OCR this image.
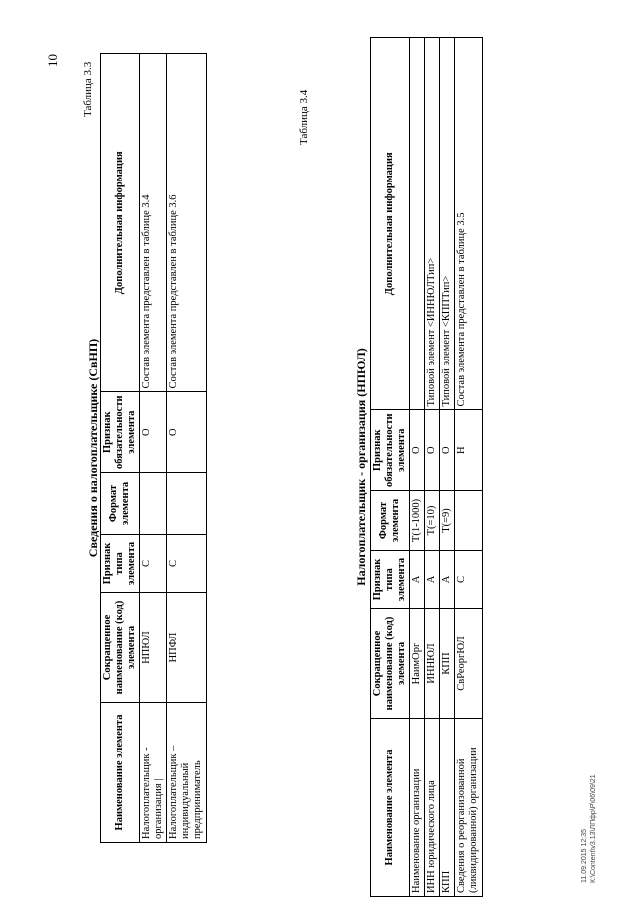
10
Таблица 3.3
Сведения о налогоплательщике (СвНП)
Наименование элемента	Сокращенное наименование (код) элемента	Признак типа элемента	Формат элемента	Признак обязательности элемента	Дополнительная информация
Налогоплательщик - организация |	НПЮЛ	С		О	Состав элемента представлен в таблице 3.4
Налогоплательщик – индивидуальный предприниматель	НПФЛ	С		О	Состав элемента представлен в таблице 3.6
Таблица 3.4
Налогоплательщик - организация (НПЮЛ)
Наименование элемента	Сокращенное наименование (код) элемента	Признак типа элемента	Формат элемента	Признак обязательности элемента	Дополнительная информация
Наименование организации	НаимОрг	А	T(1-1000)	О	
ИНН юридического лица	ИННЮЛ	А	T(=10)	О	Типовой элемент <ИННЮЛТип>
КПП	КПП	А	T(=9)	О	Типовой элемент <КППТип>
Сведения о реорганизованной (ликвидированной) организации	СвРеоргЮЛ	С		Н	Состав элемента представлен в таблице 3.5
11.09.2015 12:35 К:\Content\v3.13\ЛПфр\Р\06\09\21
